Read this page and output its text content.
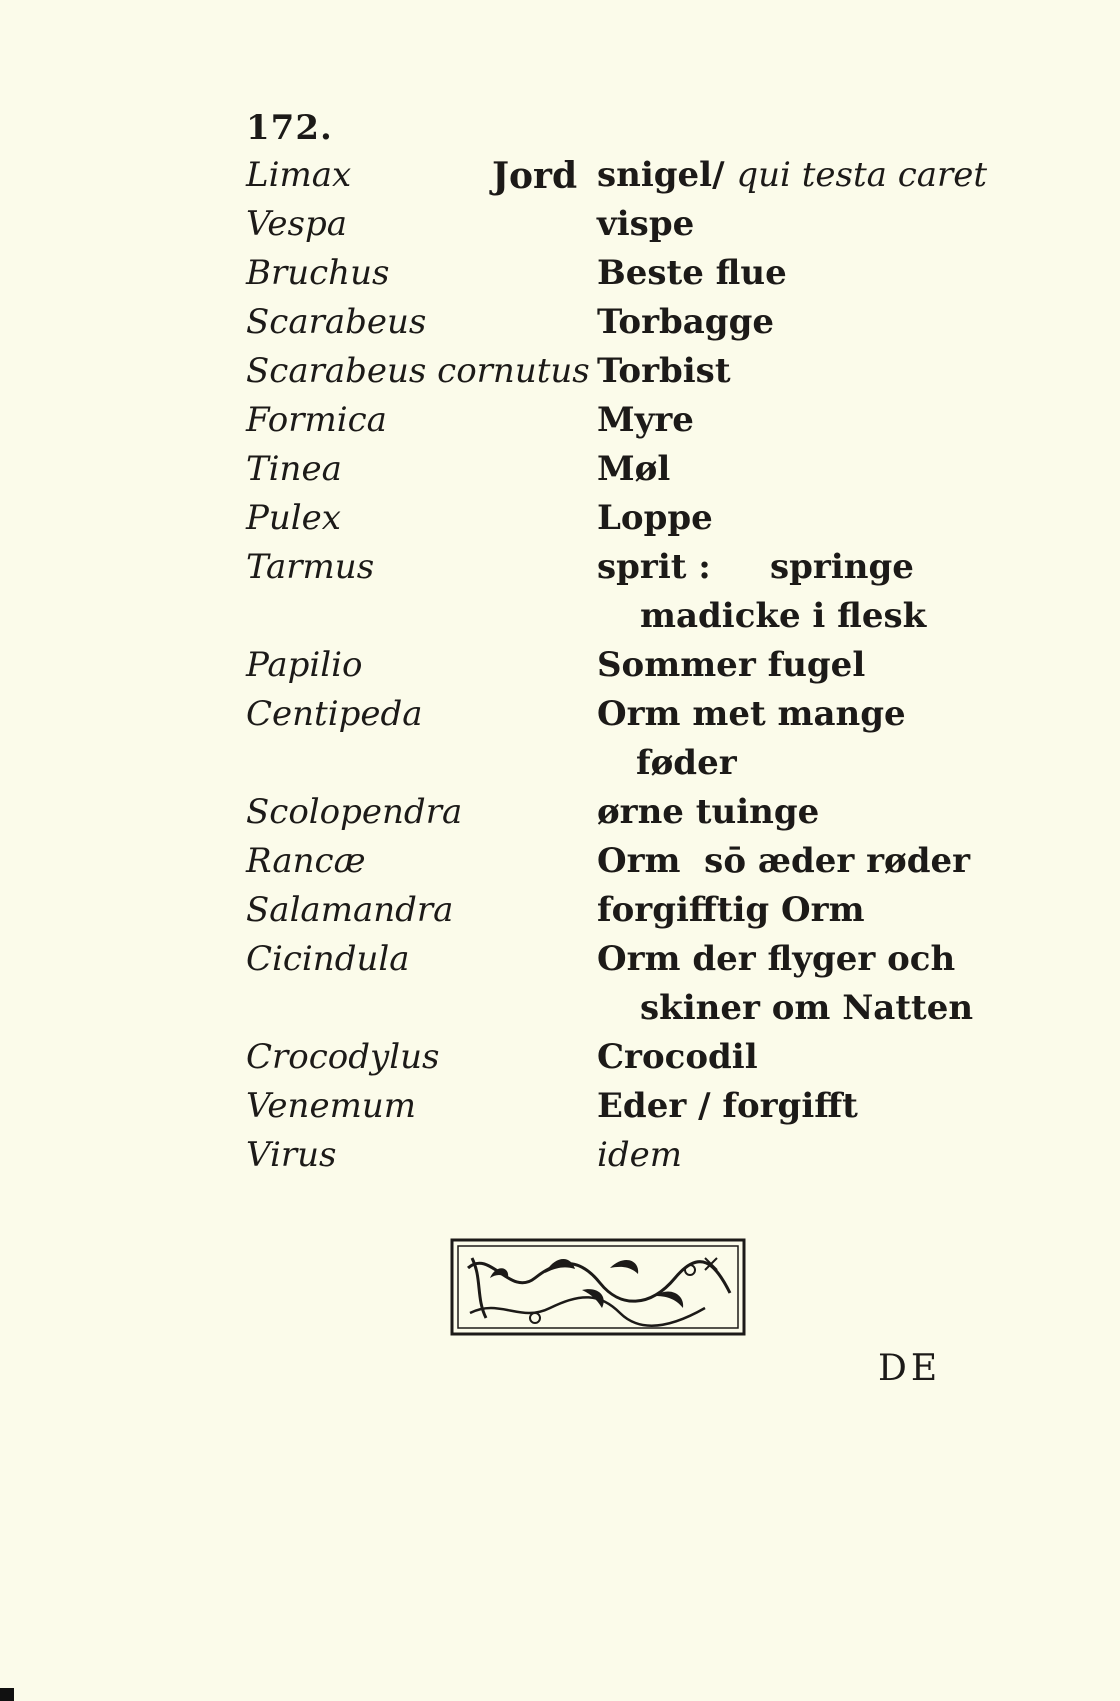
172.
Limax	Jord snigel/ qui testa caret
Vespa	vispe
Bruchus	Beste flue
Scarabeus	Torbagge
Scarabeus cornutus Torbist
Formica	Myre
Tinea	Møl
Pulex	Loppe
Tarmus	sprit :     springe
madicke i flesk
Papilio	Sommer fugel
Centipeda	Orm met mange
føder
Scolopendra	ørne tuinge
Rancæ	Orm  sō æder røder
Salamandra	forgifftig Orm
Cicindula	Orm der flyger och
skiner om Natten
Crocodylus	Crocodil
Venemum	Eder / forgifft
Virus	idem
DE
